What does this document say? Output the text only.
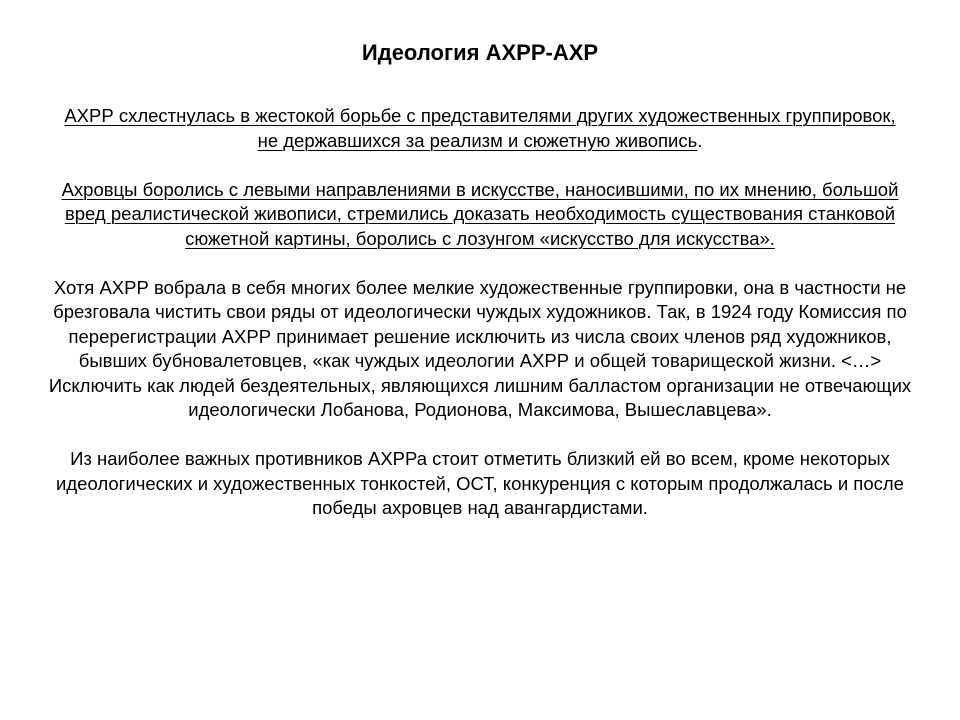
Идеология АХРР-АХР

АХРР схлестнулась в жестокой борьбе с представителями других художественных группировок,
не державшихся за реализм и сюжетную живопись.

Ахровцы боролись с левыми направлениями в искусстве, наносившими, по их мнению, большой вред реалистической живописи, стремились доказать необходимость существования станковой сюжетной картины, боролись с лозунгом «искусство для искусства».

Хотя АХРР вобрала в себя многих более мелкие художественные группировки, она в частности не брезговала чистить свои ряды от идеологически чуждых художников. Так, в 1924 году Комиссия по перерегистрации АХРР принимает решение исключить из числа своих членов ряд художников, бывших бубновалетовцев, «как чуждых идеологии АХРР и общей товарищеской жизни. <…> Исключить как людей бездеятельных, являющихся лишним балластом организации не отвечающих идеологически Лобанова, Родионова, Максимова, Вышеславцева».

Из наиболее важных противников АХРРа стоит отметить близкий ей во всем, кроме некоторых идеологических и художественных тонкостей, ОСТ, конкуренция с которым продолжалась и после победы ахровцев над авангардистами.
